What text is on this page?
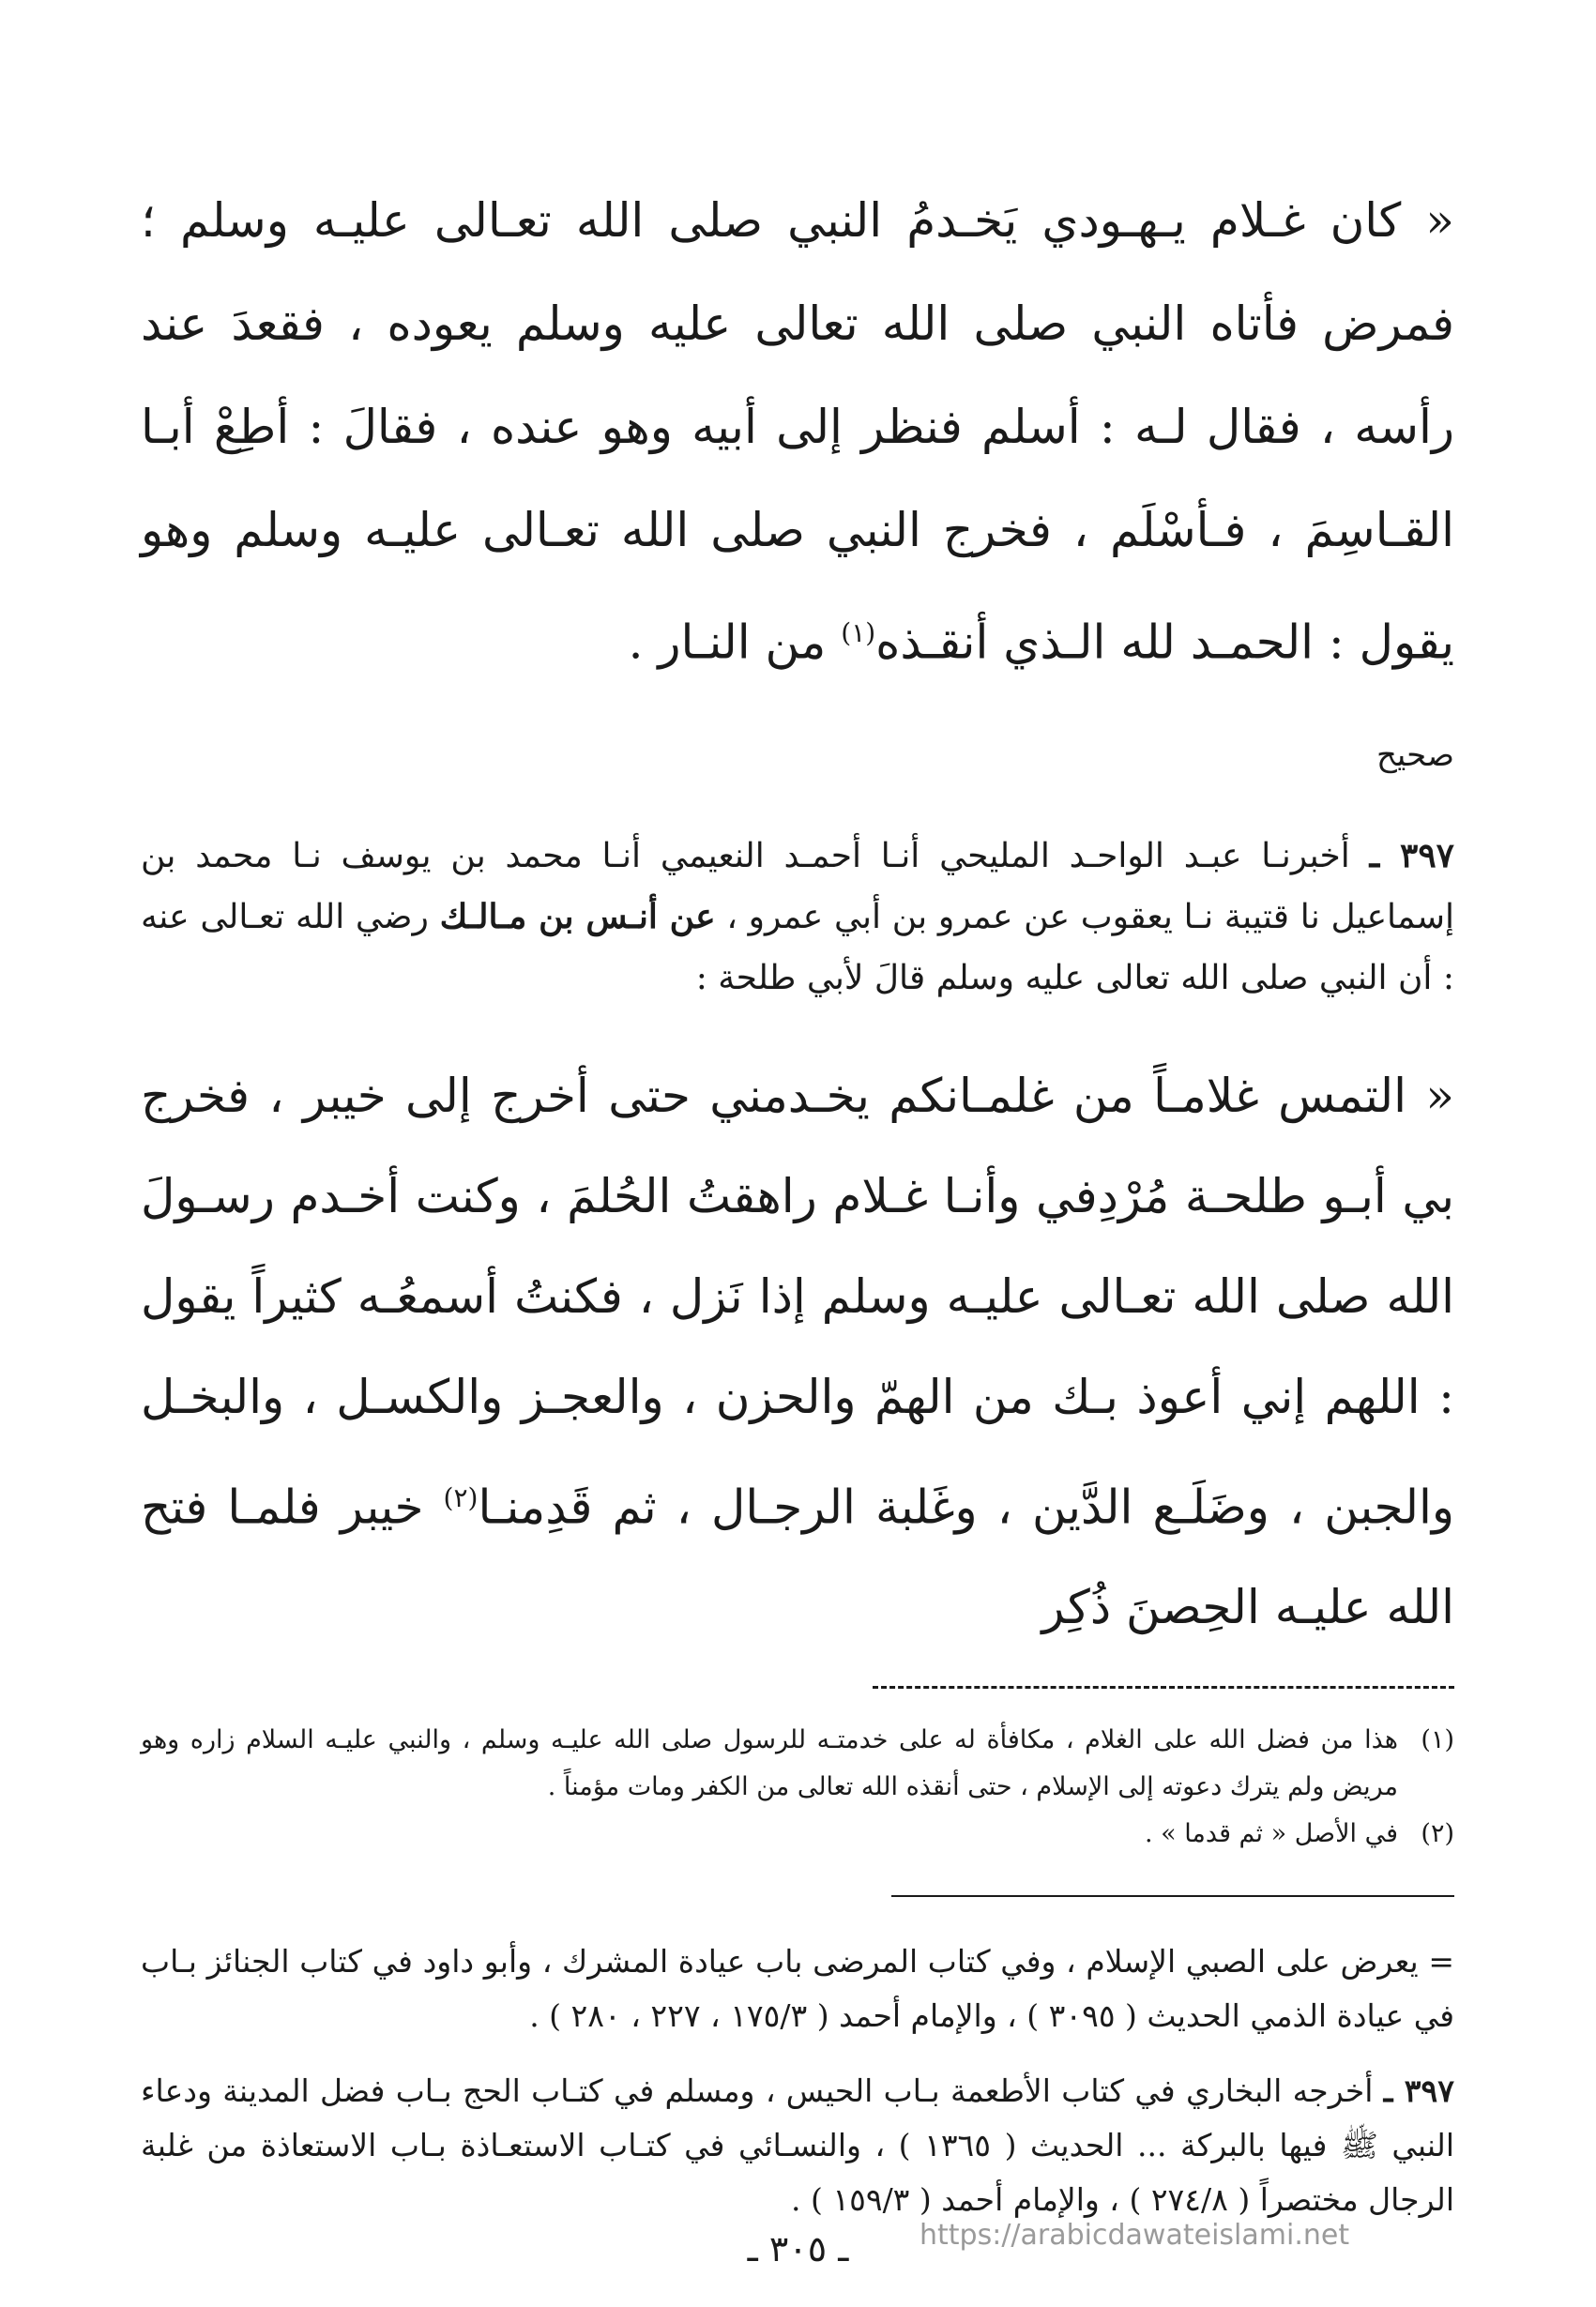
« كان غـلام يـهـودي يَخـدمُ النبي صلى الله تعـالى عليـه وسلم ؛ فمرض فأتاه النبي صلى الله تعالى عليه وسلم يعوده ، فقعدَ عند رأسه ، فقال لـه : أسلم فنظر إلى أبيه وهو عنده ، فقالَ : أطِعْ أبـا القـاسِمَ ، فـأسْلَم ، فخرج النبي صلى الله تعـالى عليـه وسلم وهو يقول : الحمـد لله الـذي أنقـذه$^{(١)}$ من النـار .

صحيح

٣٩٧ ـ أخبرنـا عبـد الواحـد المليحي أنـا أحمـد النعيمي أنـا محمد بن يوسف نـا محمد بن إسماعيل نا قتيبة نـا يعقوب عن عمرو بن أبي عمرو ، عن أنـس بن مـالـك رضي الله تعـالى عنه : أن النبي صلى الله تعالى عليه وسلم قالَ لأبي طلحة :

« التمس غلامـاً من غلمـانكم يخـدمني حتى أخرج إلى خيبر ، فخرج بي أبـو طلحـة مُرْدِفي وأنـا غـلام راهقتُ الحُلمَ ، وكنت أخـدم رسـولَ الله صلى الله تعـالى عليـه وسلم إذا نَزل ، فكنتُ أسمعُـه كثيراً يقول : اللهم إني أعوذ بـك من الهمّ والحزن ، والعجـز والكسـل ، والبخـل والجبن ، وضَلَـع الدَّين ، وغَلبة الرجـال ، ثم قَدِمنـا$^{(٢)}$ خيبر فلمـا فتح الله عليـه الحِصنَ ذُكِر

(١)
هذا من فضل الله على الغلام ، مكافأة له على خدمتـه للرسول صلى الله عليـه وسلم ، والنبي عليـه السلام زاره وهو مريض ولم يترك دعوته إلى الإسلام ، حتى أنقذه الله تعالى من الكفر ومات مؤمناً .
(٢)
في الأصل « ثم قدما » .

= يعرض على الصبي الإسلام ، وفي كتاب المرضى باب عيادة المشرك ، وأبو داود في كتاب الجنائز بـاب في عيادة الذمي الحديث ( ٣٠٩٥ ) ، والإمام أحمد ( ١٧٥/٣ ، ٢٢٧ ، ٢٨٠ ) .

٣٩٧ ـ أخرجه البخاري في كتاب الأطعمة بـاب الحيس ، ومسلم في كتـاب الحج بـاب فضل المدينة ودعاء النبي ﷺ فيها بالبركة ... الحديث ( ١٣٦٥ ) ، والنسـائي في كتـاب الاستعـاذة بـاب الاستعاذة من غلبة الرجال مختصراً ( ٢٧٤/٨ ) ، والإمام أحمد ( ١٥٩/٣ ) .

ـ ٣٠٥ ـ	https://arabicdawateislami.net
